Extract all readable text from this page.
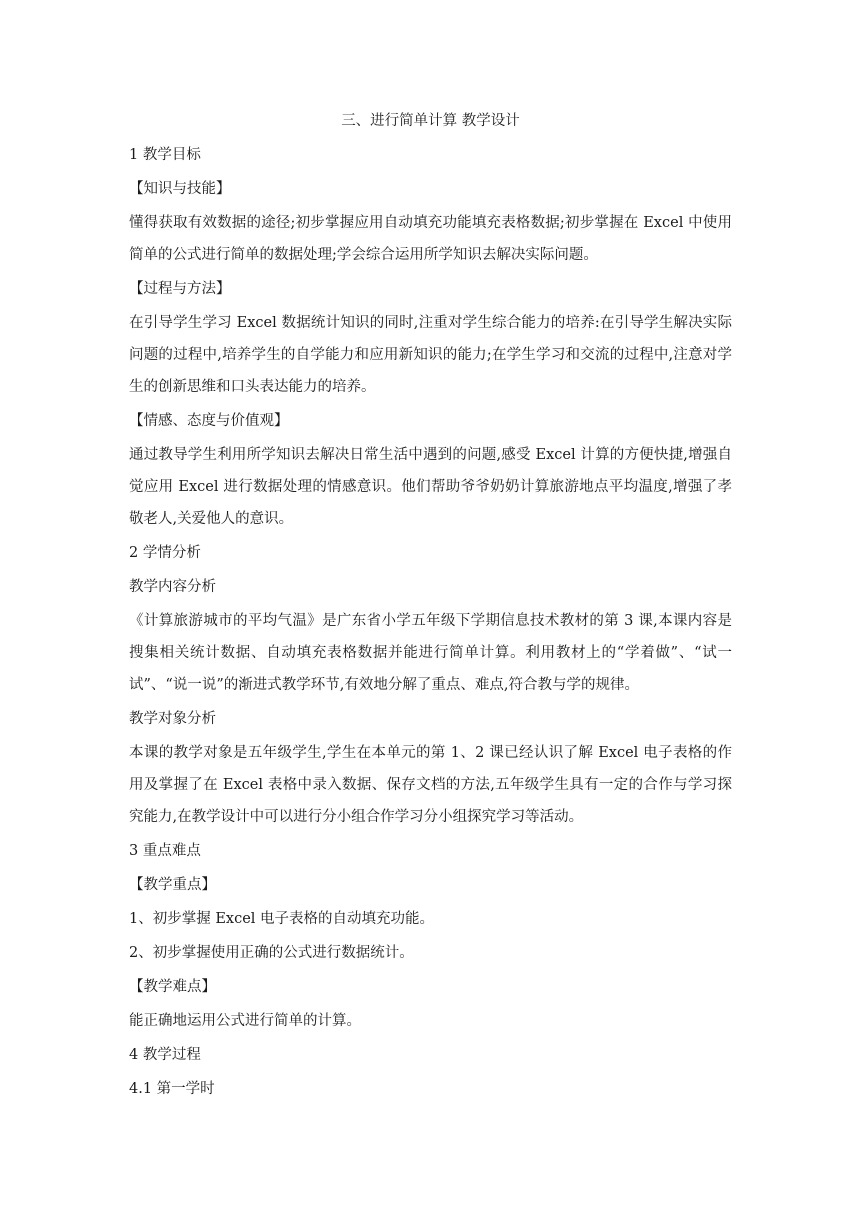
三、进行简单计算 教学设计

1 教学目标

【知识与技能】

懂得获取有效数据的途径;初步掌握应用自动填充功能填充表格数据;初步掌握在 Excel 中使用简单的公式进行简单的数据处理;学会综合运用所学知识去解决实际问题。

【过程与方法】

在引导学生学习 Excel 数据统计知识的同时,注重对学生综合能力的培养:在引导学生解决实际问题的过程中,培养学生的自学能力和应用新知识的能力;在学生学习和交流的过程中,注意对学生的创新思维和口头表达能力的培养。

【情感、态度与价值观】

通过教导学生利用所学知识去解决日常生活中遇到的问题,感受 Excel 计算的方便快捷,增强自觉应用 Excel 进行数据处理的情感意识。他们帮助爷爷奶奶计算旅游地点平均温度,增强了孝敬老人,关爱他人的意识。

2 学情分析

教学内容分析

《计算旅游城市的平均气温》是广东省小学五年级下学期信息技术教材的第 3 课,本课内容是搜集相关统计数据、自动填充表格数据并能进行简单计算。利用教材上的“学着做”、“试一试”、“说一说”的渐进式教学环节,有效地分解了重点、难点,符合教与学的规律。

教学对象分析

本课的教学对象是五年级学生,学生在本单元的第 1、2 课已经认识了解 Excel 电子表格的作用及掌握了在 Excel 表格中录入数据、保存文档的方法,五年级学生具有一定的合作与学习探究能力,在教学设计中可以进行分小组合作学习分小组探究学习等活动。

3 重点难点

【教学重点】

1、初步掌握 Excel 电子表格的自动填充功能。

2、初步掌握使用正确的公式进行数据统计。

【教学难点】

能正确地运用公式进行简单的计算。

4 教学过程

4.1 第一学时
